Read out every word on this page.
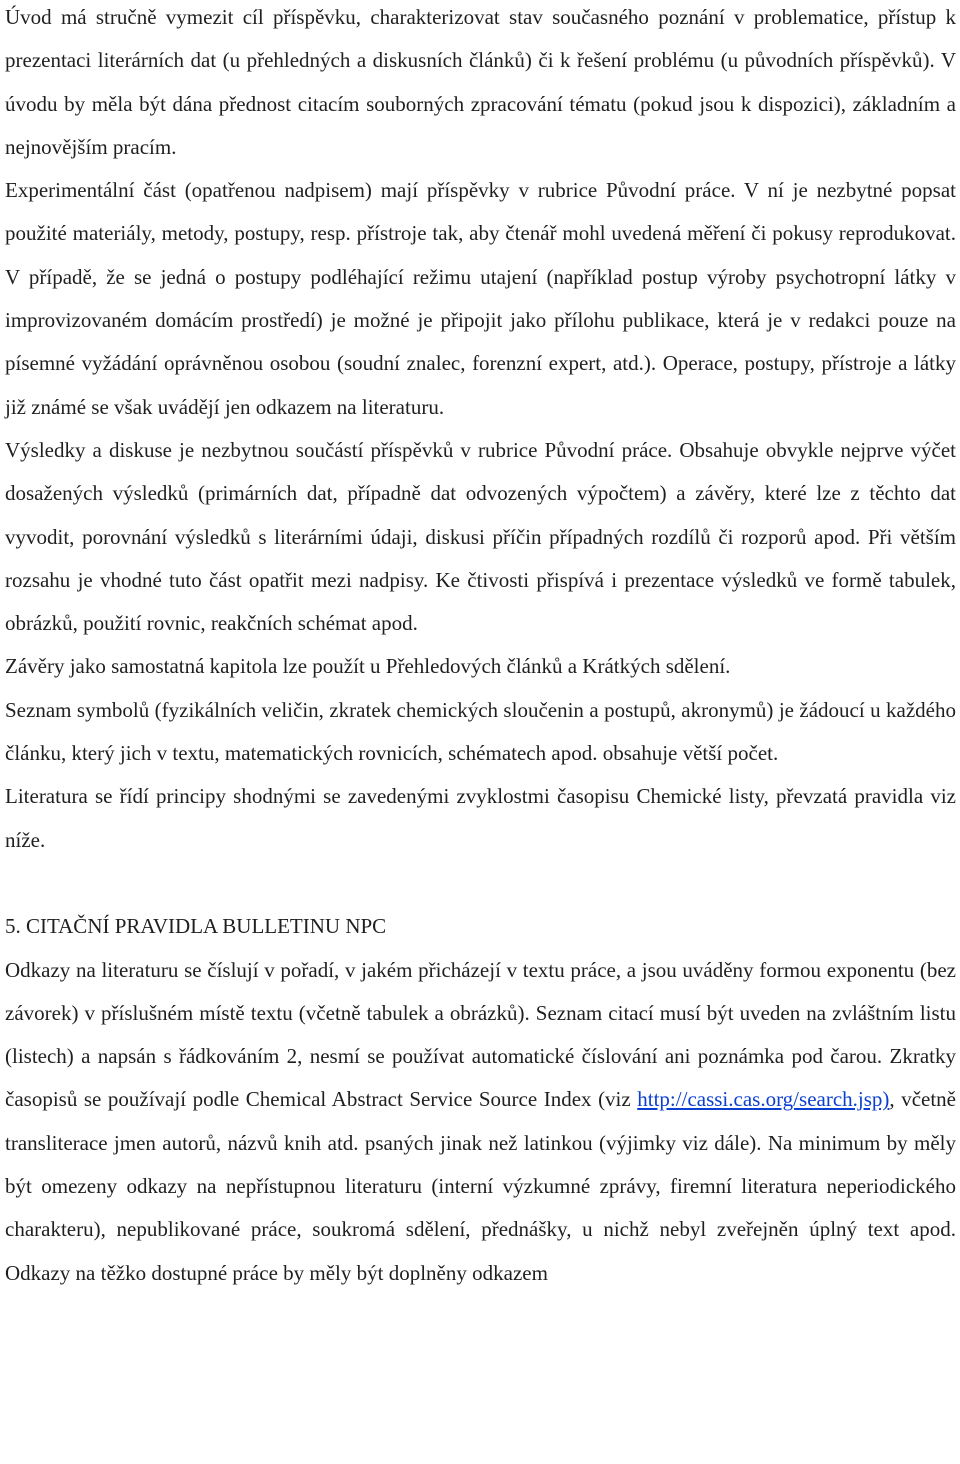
Úvod má stručně vymezit cíl příspěvku, charakterizovat stav současného poznání v problematice, přístup k prezentaci literárních dat (u přehledných a diskusních článků) či k řešení problému (u původních příspěvků). V úvodu by měla být dána přednost citacím souborných zpracování tématu (pokud jsou k dispozici), základním a nejnovějším pracím.

Experimentální část (opatřenou nadpisem) mají příspěvky v rubrice Původní práce. V ní je nezbytné popsat použité materiály, metody, postupy, resp. přístroje tak, aby čtenář mohl uvedená měření či pokusy reprodukovat. V případě, že se jedná o postupy podléhající režimu utajení (například postup výroby psychotropní látky v improvizovaném domácím prostředí) je možné je připojit jako přílohu publikace, která je v redakci pouze na písemné vyžádání oprávněnou osobou (soudní znalec, forenzní expert, atd.). Operace, postupy, přístroje a látky již známé se však uvádějí jen odkazem na literaturu.

Výsledky a diskuse je nezbytnou součástí příspěvků v rubrice Původní práce. Obsahuje obvykle nejprve výčet dosažených výsledků (primárních dat, případně dat odvozených výpočtem) a závěry, které lze z těchto dat vyvodit, porovnání výsledků s literárními údaji, diskusi příčin případných rozdílů či rozporů apod. Při větším rozsahu je vhodné tuto část opatřit mezi nadpisy. Ke čtivosti přispívá i prezentace výsledků ve formě tabulek, obrázků, použití rovnic, reakčních schémat apod.

Závěry jako samostatná kapitola lze použít u Přehledových článků a Krátkých sdělení.

Seznam symbolů (fyzikálních veličin, zkratek chemických sloučenin a postupů, akronymů) je žádoucí u každého článku, který jich v textu, matematických rovnicích, schématech apod. obsahuje větší počet.

Literatura se řídí principy shodnými se zavedenými zvyklostmi časopisu Chemické listy, převzatá pravidla viz níže.

5. CITAČNÍ PRAVIDLA BULLETINU NPC

Odkazy na literaturu se číslují v pořadí, v jakém přicházejí v textu práce, a jsou uváděny formou exponentu (bez závorek) v příslušném místě textu (včetně tabulek a obrázků). Seznam citací musí být uveden na zvláštním listu (listech) a napsán s řádkováním 2, nesmí se používat automatické číslování ani poznámka pod čarou. Zkratky časopisů se používají podle Chemical Abstract Service Source Index (viz http://cassi.cas.org/search.jsp), včetně transliterace jmen autorů, názvů knih atd. psaných jinak než latinkou (výjimky viz dále). Na minimum by měly být omezeny odkazy na nepřístupnou literaturu (interní výzkumné zprávy, firemní literatura neperiodického charakteru), nepublikované práce, soukromá sdělení, přednášky, u nichž nebyl zveřejněn úplný text apod. Odkazy na těžko dostupné práce by měly být doplněny odkazem
